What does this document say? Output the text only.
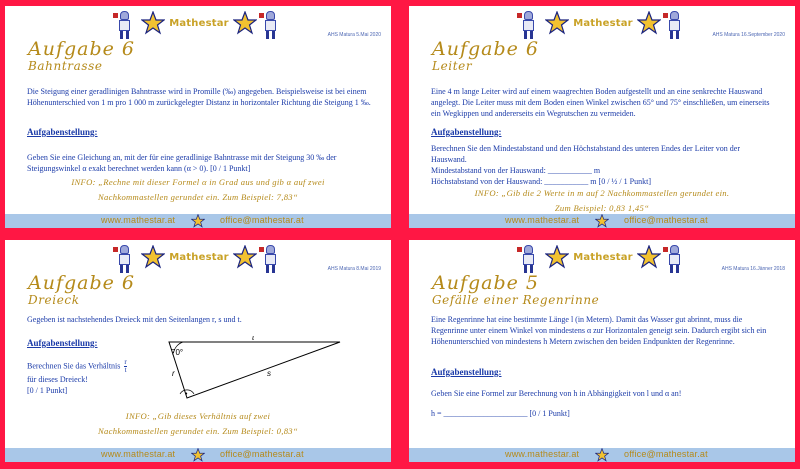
Mathestar
AHS Matura 5.Mai 2020
Aufgabe 6
Bahntrasse
Die Steigung einer geradlinigen Bahntrasse wird in Promille (‰) angegeben. Beispielsweise ist bei einem Höhenunterschied von 1 m pro 1 000 m zurückgelegter Distanz in horizontaler Richtung die Steigung 1 ‰.
Aufgabenstellung:
Geben Sie eine Gleichung an, mit der für eine geradlinige Bahntrasse mit der Steigung 30 ‰ der Steigungswinkel α exakt berechnet werden kann (α > 0). [0 / 1 Punkt]
INFO: „Rechne mit dieser Formel α in Grad aus und gib α auf zwei
Nachkommastellen gerundet ein. Zum Beispiel: 7,83“
www.mathestar.at	office@mathestar.at
Mathestar
AHS Matura 16.September 2020
Aufgabe 6
Leiter
Eine 4 m lange Leiter wird auf einem waagrechten Boden aufgestellt und an eine senkrechte Hauswand angelegt. Die Leiter muss mit dem Boden einen Winkel zwischen 65° und 75° einschließen, um einerseits ein Wegkippen und andererseits ein Wegrutschen zu vermeiden.
Aufgabenstellung:
Berechnen Sie den Mindestabstand und den Höchstabstand des unteren Endes der Leiter von der Hauswand.
Mindestabstand von der Hauswand: ___________ m
Höchstabstand von der Hauswand: ___________ m [0 / ½ / 1 Punkt]
INFO: „Gib die 2 Werte in m auf 2 Nachkommastellen gerundet ein.
Zum Beispiel: 0,83 1,45“
www.mathestar.at	office@mathestar.at
Mathestar
AHS Matura 8.Mai 2019
Aufgabe 6
Dreieck
Gegeben ist nachstehendes Dreieck mit den Seitenlangen r, s und t.
Aufgabenstellung:
Berechnen Sie das Verhältnis $\frac{r}{t}$
für dieses Dreieck!
[0 / 1 Punkt]
70°
t
r	s
•
INFO: „Gib dieses Verhältnis auf zwei
Nachkommastellen gerundet ein. Zum Beispiel: 0,83“
www.mathestar.at	office@mathestar.at
Mathestar
AHS Matura 16.Jänner 2018
Aufgabe 5
Gefälle einer Regenrinne
Eine Regenrinne hat eine bestimmte Länge l (in Metern). Damit das Wasser gut abrinnt, muss die Regenrinne unter einem Winkel von mindestens α zur Horizontalen geneigt sein. Dadurch ergibt sich ein Höhenunterschied von mindestens h Metern zwischen den beiden Endpunkten der Regenrinne.
Aufgabenstellung:
Geben Sie eine Formel zur Berechnung von h in Abhängigkeit von l und α an!
h = _____________________ [0 / 1 Punkt]
www.mathestar.at	office@mathestar.at
